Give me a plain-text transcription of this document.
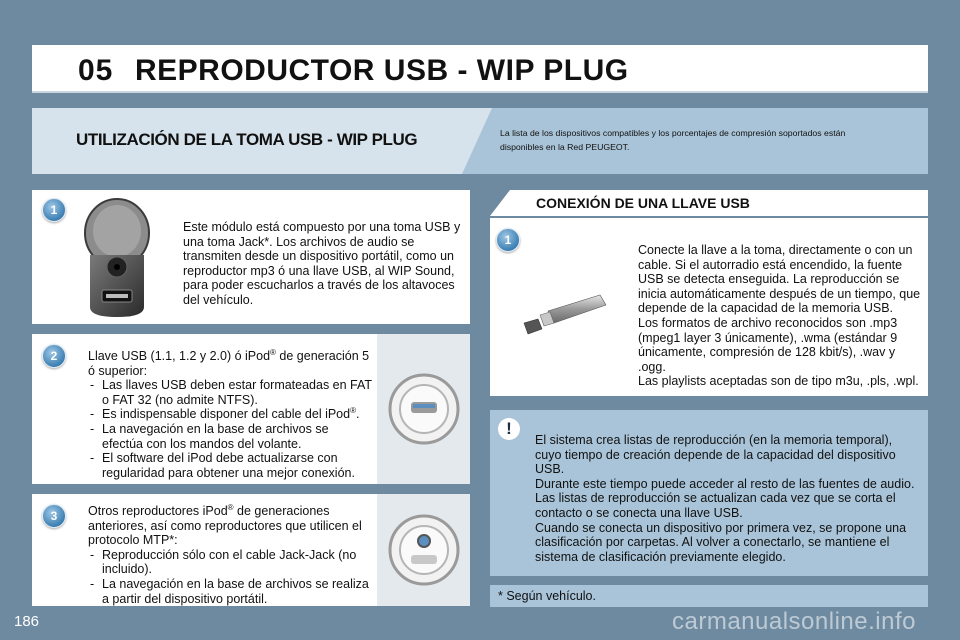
05 REPRODUCTOR USB - WIP PLUG
UTILIZACIÓN DE LA TOMA USB - WIP PLUG	La lista de los dispositivos compatibles y los porcentajes de compresión soportados están disponibles en la Red PEUGEOT.
1
Este módulo está compuesto por una toma USB y una toma Jack*. Los archivos de audio se transmiten desde un dispositivo portátil, como un reproductor mp3 ó una llave USB, al WIP Sound, para poder escucharlos a través de los altavoces del vehículo.
2	Llave USB (1.1, 1.2 y 2.0) ó iPod® de generación 5 ó superior:
- Las llaves USB deben estar formateadas en FAT o FAT 32 (no admite NTFS).
- Es indispensable disponer del cable del iPod®.
- La navegación en la base de archivos se efectúa con los mandos del volante.
- El software del iPod debe actualizarse con regularidad para obtener una mejor conexión.
3	Otros reproductores iPod® de generaciones anteriores, así como reproductores que utilicen el protocolo MTP*:
- Reproducción sólo con el cable Jack-Jack (no incluido).
- La navegación en la base de archivos se realiza a partir del dispositivo portátil.
CONEXIÓN DE UNA LLAVE USB
1
Conecte la llave a la toma, directamente o con un cable. Si el autorradio está encendido, la fuente USB se detecta enseguida. La reproducción se inicia automáticamente después de un tiempo, que depende de la capacidad de la memoria USB.
Los formatos de archivo reconocidos son .mp3 (mpeg1 layer 3 únicamente), .wma (estándar 9 únicamente, compresión de 128 kbit/s), .wav y .ogg.
Las playlists aceptadas son de tipo m3u, .pls, .wpl.
!
El sistema crea listas de reproducción (en la memoria temporal), cuyo tiempo de creación depende de la capacidad del dispositivo USB.
Durante este tiempo puede acceder al resto de las fuentes de audio. Las listas de reproducción se actualizan cada vez que se corta el contacto o se conecta una llave USB.
Cuando se conecta un dispositivo por primera vez, se propone una clasificación por carpetas. Al volver a conectarlo, se mantiene el sistema de clasificación previamente elegido.
* Según vehículo.
186	carmanualsonline.info
